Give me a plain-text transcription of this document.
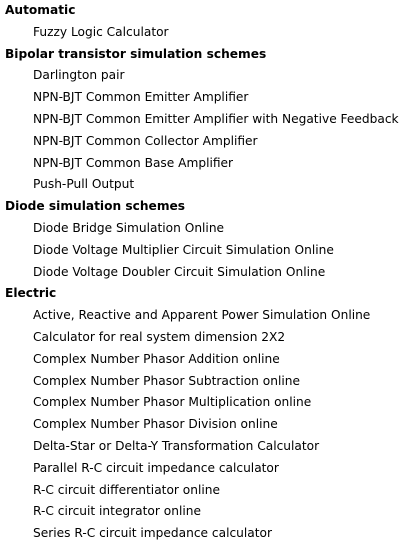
Automatic
Fuzzy Logic Calculator
Bipolar transistor simulation schemes
Darlington pair
NPN-BJT Common Emitter Amplifier
NPN-BJT Common Emitter Amplifier with Negative Feedback
NPN-BJT Common Collector Amplifier
NPN-BJT Common Base Amplifier
Push-Pull Output
Diode simulation schemes
Diode Bridge Simulation Online
Diode Voltage Multiplier Circuit Simulation Online
Diode Voltage Doubler Circuit Simulation Online
Electric
Active, Reactive and Apparent Power Simulation Online
Calculator for real system dimension 2X2
Complex Number Phasor Addition online
Complex Number Phasor Subtraction online
Complex Number Phasor Multiplication online
Complex Number Phasor Division online
Delta-Star or Delta-Y Transformation Calculator
Parallel R-C circuit impedance calculator
R-C circuit differentiator online
R-C circuit integrator online
Series R-C circuit impedance calculator
